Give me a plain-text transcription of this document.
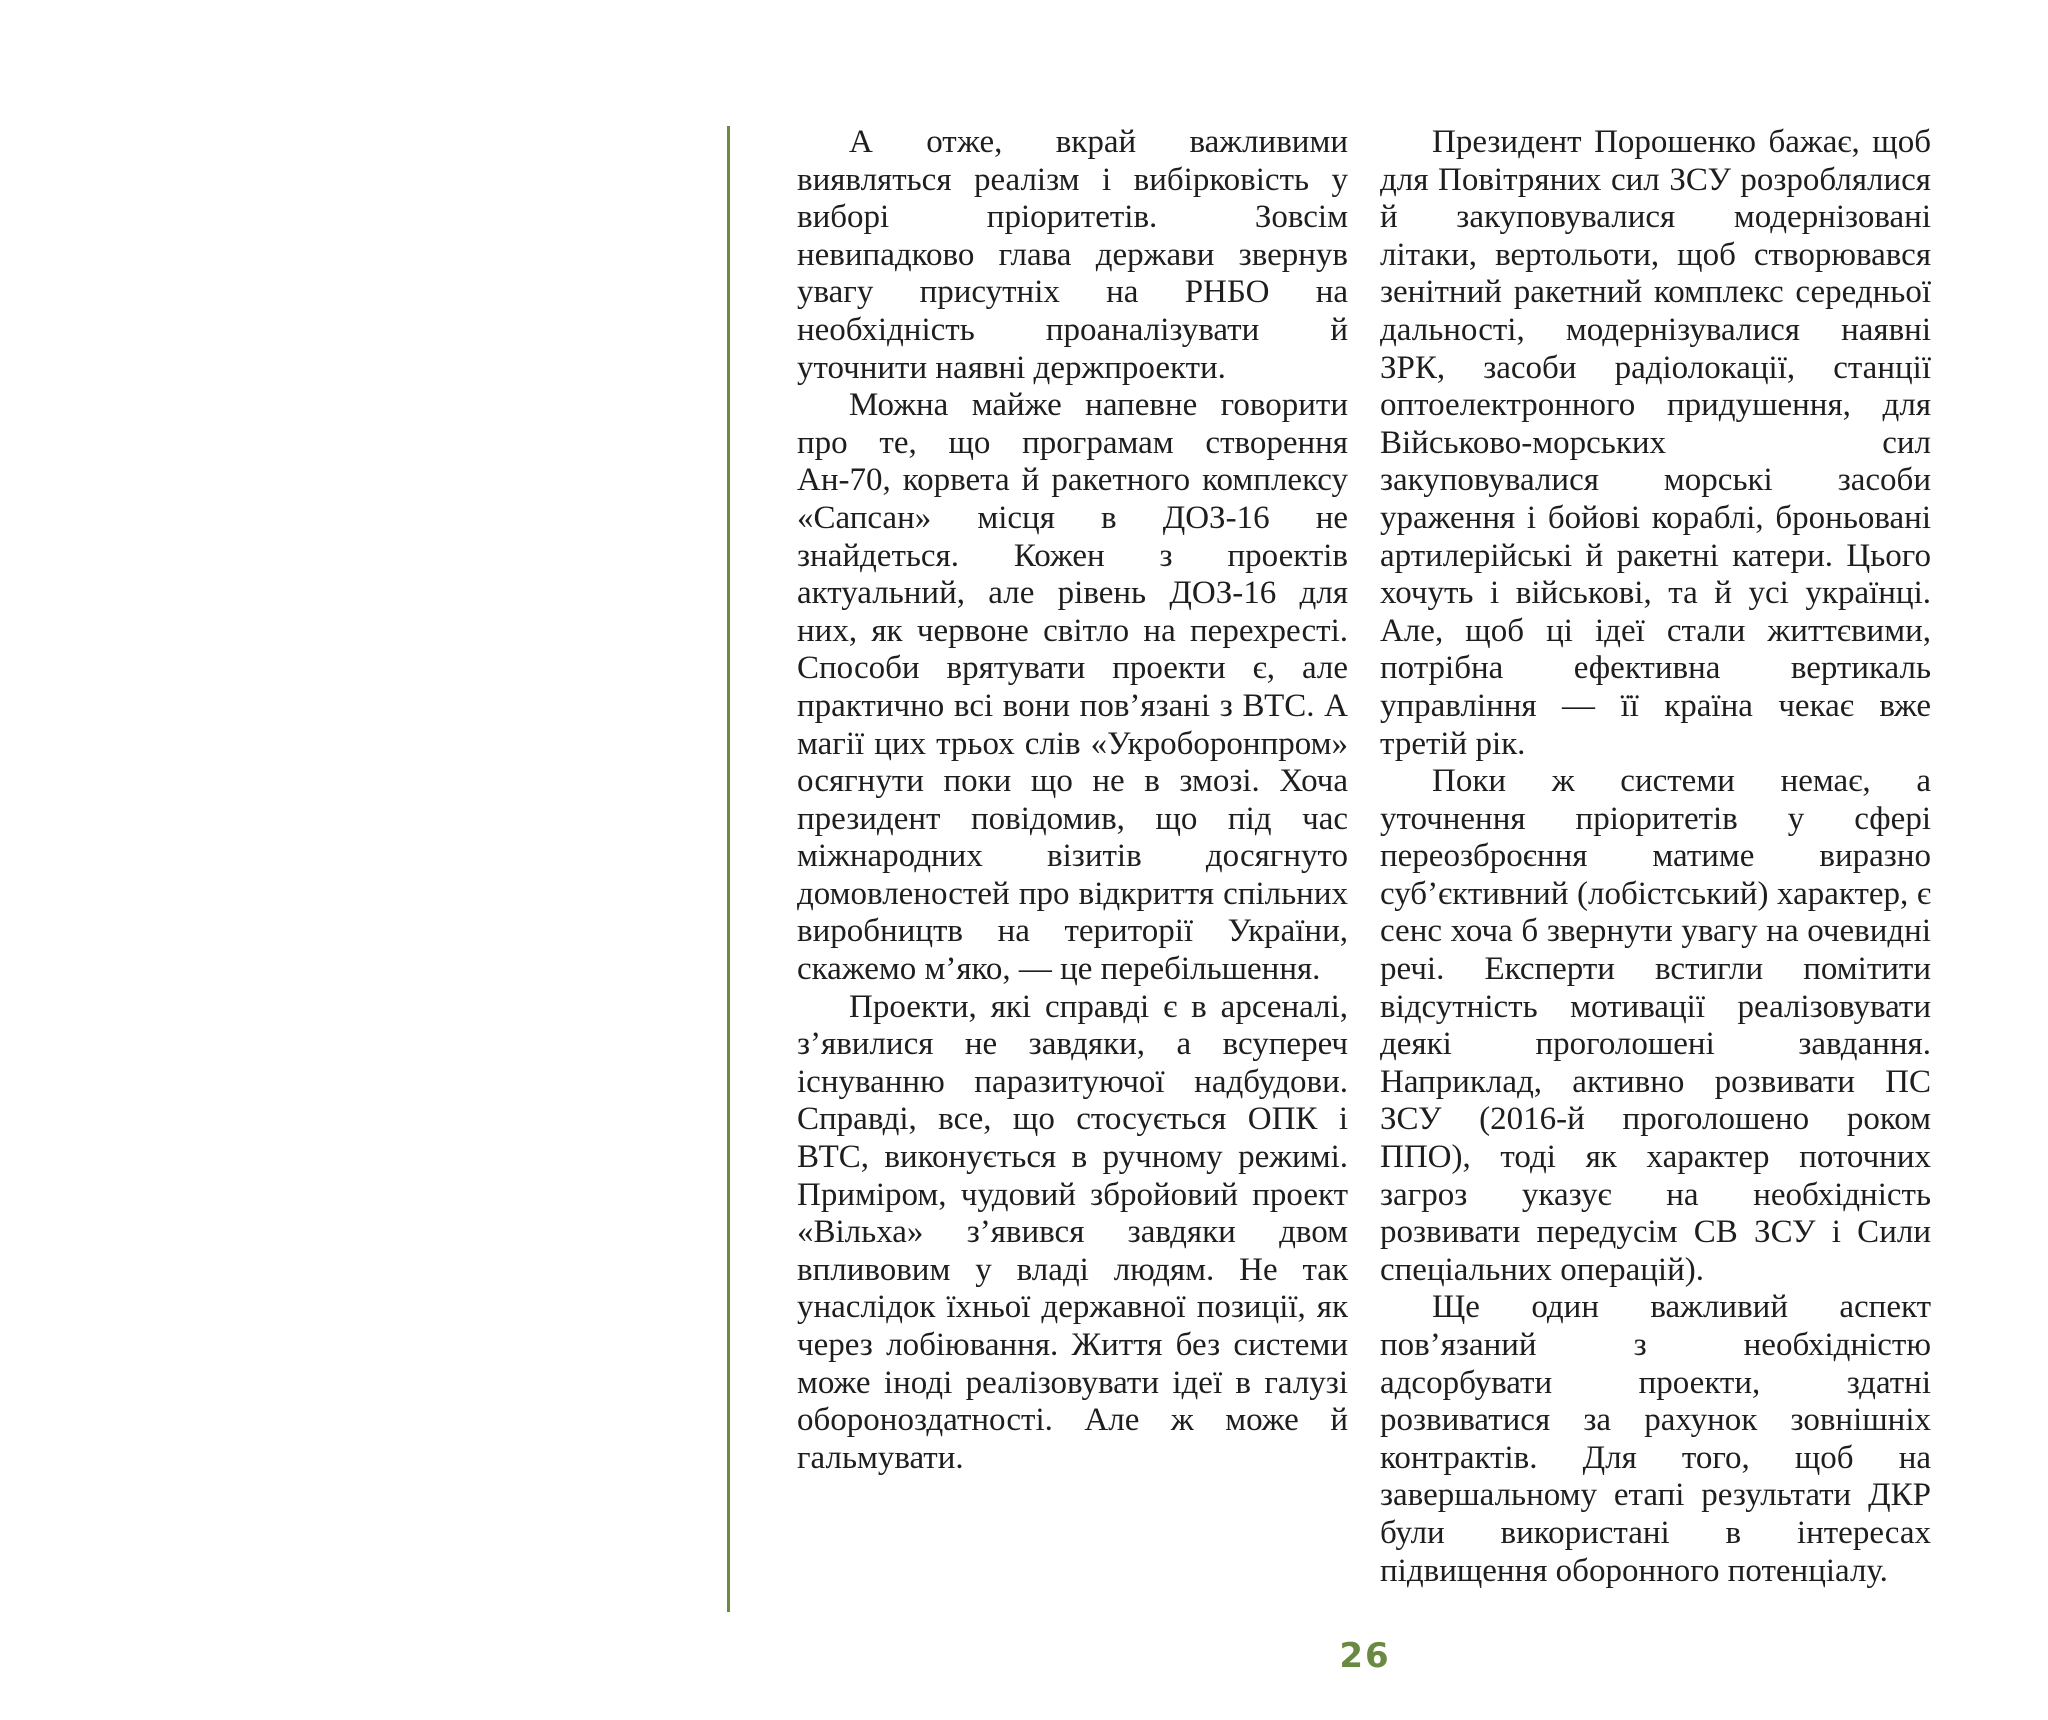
А отже, вкрай важливими виявляться реалізм і вибірковість у виборі пріоритетів. Зовсім невипадково глава держави звернув увагу присутніх на РНБО на необхідність проаналізувати й уточнити наявні держпроекти.

Можна майже напевне говорити про те, що програмам створення Ан-70, корвета й ракетного комплексу «Сапсан» місця в ДОЗ-16 не знайдеться. Кожен з проектів актуальний, але рівень ДОЗ-16 для них, як червоне світло на перехресті. Способи врятувати проекти є, але практично всі вони пов’язані з ВТС. А магії цих трьох слів «Укроборонпром» осягнути поки що не в змозі. Хоча президент повідомив, що під час міжнародних візитів досягнуто домовленостей про відкриття спільних виробництв на території України, скажемо м’яко, — це перебільшення.

Проекти, які справді є в арсеналі, з’явилися не завдяки, а всупереч існуванню паразитуючої надбудови. Справді, все, що стосується ОПК і ВТС, виконується в ручному режимі. Приміром, чудовий збройовий проект «Вільха» з’явився завдяки двом впливовим у владі людям. Не так унаслідок їхньої державної позиції, як через лобіювання. Життя без системи може іноді реалізовувати ідеї в галузі обороноздатності. Але ж може й гальмувати.

Президент Порошенко бажає, щоб для Повітряних сил ЗСУ розроблялися й закуповувалися модернізовані літаки, вертольоти, щоб створювався зенітний ракетний комплекс середньої дальності, модернізувалися наявні ЗРК, засоби радіолокації, станції оптоелектронного придушення, для Військово-морських сил закуповувалися морські засоби ураження і бойові кораблі, броньовані артилерійські й ракетні катери. Цього хочуть і військові, та й усі українці. Але, щоб ці ідеї стали життєвими, потрібна ефективна вертикаль управління — її країна чекає вже третій рік.

Поки ж системи немає, а уточнення пріоритетів у сфері переозброєння матиме виразно суб’єктивний (лобістський) характер, є сенс хоча б звернути увагу на очевидні речі. Експерти встигли помітити відсутність мотивації реалізовувати деякі проголошені завдання. Наприклад, активно розвивати ПС ЗСУ (2016-й проголошено роком ППО), тоді як характер поточних загроз указує на необхідність розвивати передусім СВ ЗСУ і Сили спеціальних операцій).

Ще один важливий аспект пов’язаний з необхідністю адсорбувати проекти, здатні розвиватися за рахунок зовнішніх контрактів. Для того, щоб на завершальному етапі результати ДКР були використані в інтересах підвищення оборонного потенціалу.

26
